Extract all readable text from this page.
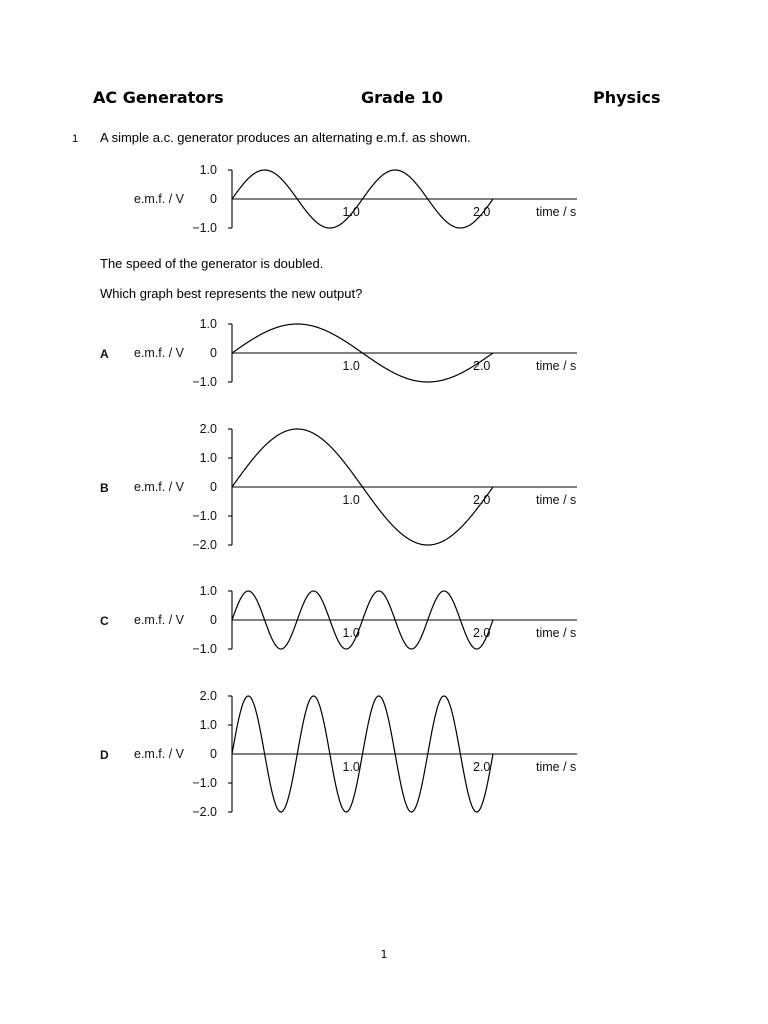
AC Generators	Grade 10	Physics
1 A simple a.c. generator produces an alternating e.m.f. as shown.
1.0
0
−1.0
1.0	2.0
e.m.f. / V
time / s
The speed of the generator is doubled.
Which graph best represents the new output?
1.0
0
−1.0
1.0	2.0
e.m.f. / V
time / s
A
2.0
1.0
0
−1.0
−2.0
1.0	2.0
e.m.f. / V
time / s
B
1.0
0
−1.0
1.0	2.0
e.m.f. / V
time / s
C
2.0
1.0
0
−1.0
−2.0
1.0	2.0
e.m.f. / V
time / s
D
1
